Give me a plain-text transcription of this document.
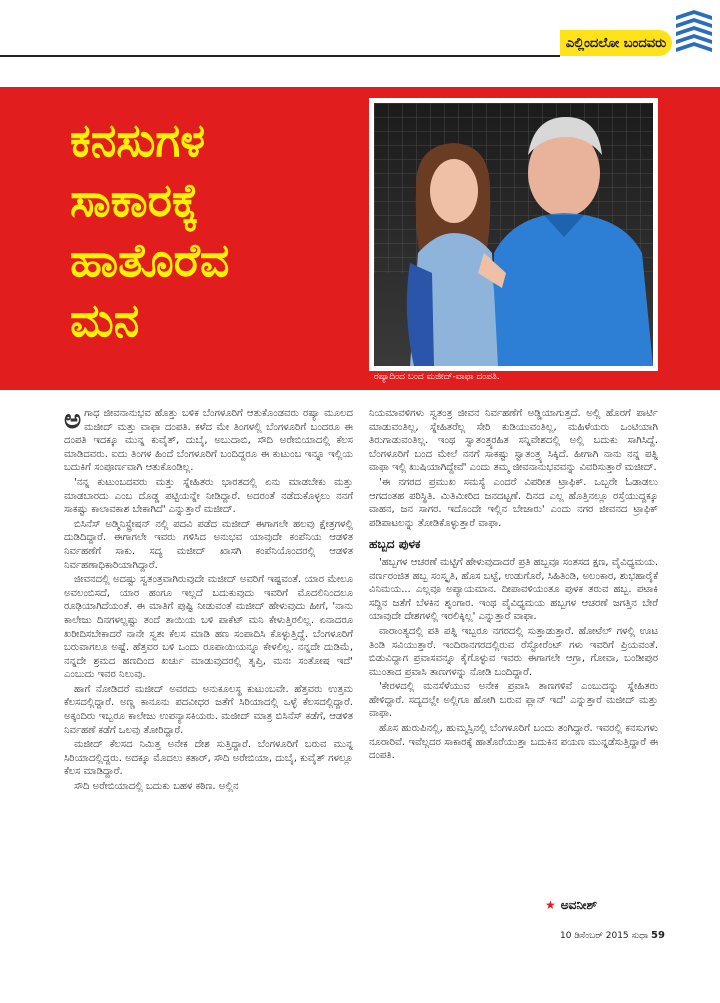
ಎಲ್ಲಿಂದಲೋ ಬಂದವರು
ಕನಸುಗಳ
ಸಾಕಾರಕ್ಕೆ
ಹಾತೊರೆವ
ಮನ
ರಷ್ಯಾದಿಂದ ಬಂದ ಮಜೀದ್-ವಾಫಾ ದಂಪತಿ.

ಅಗಾಧ ಜೀವನಾನುಭವ ಹೊತ್ತು ಬಳಿಕ ಬೆಂಗಳೂರಿಗೆ ಆತುಕೊಂಡವರು ರಷ್ಯಾ ಮೂಲದ ಮಜೀದ್ ಮತ್ತು ವಾಫಾ ದಂಪತಿ. ಕಳೆದ ಮೇ ತಿಂಗಳಲ್ಲಿ ಬೆಂಗಳೂರಿಗೆ ಬಂದರೂ ಈ ದಂಪತಿ ಇದಕ್ಕೂ ಮುನ್ನ ಕುವೈತ್, ದುಬೈ, ಅಬುದಾಬಿ, ಸೌದಿ ಅರೇಬಿಯಾದಲ್ಲಿ ಕೆಲಸ ಮಾಡಿದವರು. ಐದು ತಿಂಗಳ ಹಿಂದೆ ಬೆಂಗಳೂರಿಗೆ ಬಂದಿದ್ದರೂ ಈ ಕುಟುಂಬ ಇನ್ನೂ ಇಲ್ಲಿಯ ಬದುಕಿಗೆ ಸಂಪೂರ್ಣವಾಗಿ ಆತುಕೊಂಡಿಲ್ಲ.

'ನನ್ನ ಕುಟುಂಬದವರು ಮತ್ತು ಸ್ನೇಹಿತರು ಭಾರತದಲ್ಲಿ ಏನು ಮಾಡಬೇಕು ಮತ್ತು ಮಾಡಬಾರದು ಎಂಬ ದೊಡ್ಡ ಪಟ್ಟಿಯನ್ನೇ ನೀಡಿದ್ದಾರೆ. ಅದರಂತೆ ನಡೆದುಕೊಳ್ಳಲು ನನಗೆ ಸಾಕಷ್ಟು ಕಾಲಾವಕಾಶ ಬೇಕಾಗಿದೆ' ಎನ್ನುತ್ತಾರೆ ಮಜೀದ್.

ಬಿಸಿನೆಸ್ ಅಡ್ಮಿನಿಸ್ಟ್ರೇಷನ್ ನಲ್ಲಿ ಪದವಿ ಪಡೆದ ಮಜೀದ್ ಈಗಾಗಲೇ ಹಲವು ಕ್ಷೇತ್ರಗಳಲ್ಲಿ ದುಡಿದಿದ್ದಾರೆ. ಈಗಾಗಲೇ ಇವರು ಗಳಿಸಿದ ಅನುಭವ ಯಾವುದೇ ಕಂಪೆನಿಯ ಆಡಳಿತ ನಿರ್ವಹಣೆಗೆ ಸಾಕು. ಸದ್ಯ ಮಜೀದ್ ಖಾಸಗಿ ಕಂಪೆನಿಯೊಂದರಲ್ಲಿ ಆಡಳಿತ ನಿರ್ವಹಣಾಧಿಕಾರಿಯಾಗಿದ್ದಾರೆ.

ಜೀವನದಲ್ಲಿ ಅದಷ್ಟು ಸ್ವತಂತ್ರವಾಗಿರುವುದೇ ಮಜೀದ್ ಅವರಿಗೆ ಇಷ್ಟವಂತೆ. ಯಾರ ಮೇಲೂ ಅವಲಂಬಿಸದೆ, ಯಾರ ಹಂಗೂ ಇಲ್ಲದೆ ಬದುಕುವುದು ಇವರಿಗೆ ಮೊದಲಿನಿಂದಲೂ ರೂಢಿಯಾಗಿದೆಯಂತೆ. ಈ ಮಾತಿಗೆ ಪುಷ್ಟಿ ನೀಡುವಂತೆ ಮಜೀದ್ ಹೇಳುವುದು ಹೀಗೆ, 'ನಾನು ಕಾಲೇಜು ದಿನಗಳಲ್ಲಷ್ಟು ತಂದೆ ತಾಯಿಯ ಬಳಿ ಪಾಕೆಟ್ ಮನಿ ಕೇಳುತ್ತಿರಲಿಲ್ಲ. ಏನಾದರೂ ಖರೀದಿಸಬೇಕಾದರೆ ನಾನೇ ಸ್ವತಃ ಕೆಲಸ ಮಾಡಿ ಹಣ ಸಂಪಾದಿಸಿ ಕೊಳ್ಳುತ್ತಿದ್ದೆ. ಬೆಂಗಳೂರಿಗೆ ಬರುವಾಗಲೂ ಅಷ್ಟೆ. ಹೆತ್ತವರ ಬಳಿ ಒಂದು ರೂಪಾಯಿಯನ್ನೂ ಕೇಳಲಿಲ್ಲ. ನನ್ನದೇ ದುಡಿಮೆ, ನನ್ನದೇ ಶ್ರಮದ ಹಣದಿಂದ ಖರ್ಚು ಮಾಡುವುದರಲ್ಲಿ ತೃಪ್ತಿ, ಮನಃ ಸಂತೋಷ ಇದೆ' ಎಂಬುದು ಇವರ ನಿಲುವು.

ಹಾಗೆ ನೋಡಿದರೆ ಮಜೀದ್ ಅವರದು ಅನುಕೂಲಸ್ಥ ಕುಟುಂಬವೇ. ಹೆತ್ತವರು ಉತ್ತಮ ಕೆಲಸದಲ್ಲಿದ್ದಾರೆ. ಅಣ್ಣ ಕಾನೂನು ಪದವೀಧರ ಜತೆಗೆ ಸಿರಿಯಾದಲ್ಲಿ ಒಳ್ಳೆ ಕೆಲಸದಲ್ಲಿದ್ದಾರೆ. ಅಕ್ಕಂದಿರು ಇಬ್ಬರೂ ಕಾಲೇಜು ಉಪನ್ಯಾಸಕಿಯರು. ಮಜೀದ್ ಮಾತ್ರ ಬಿಸಿನೆಸ್ ಕಡೆಗೆ, ಆಡಳಿತ ನಿರ್ವಹಣೆ ಕಡೆಗೆ ಒಲವು ತೋರಿದ್ದಾರೆ.

ಮಜೀದ್ ಕೆಲಸದ ನಿಮಿತ್ತ ಅನೇಕ ದೇಶ ಸುತ್ತಿದ್ದಾರೆ. ಬೆಂಗಳೂರಿಗೆ ಬರುವ ಮುನ್ನ ಸಿರಿಯಾದಲ್ಲಿದ್ದರು. ಅದಕ್ಕೂ ಮೊದಲು ಕತಾರ್, ಸೌದಿ ಅರೇಬಿಯಾ, ದುಬೈ, ಕುವೈತ್ ಗಳಲ್ಲೂ ಕೆಲಸ ಮಾಡಿದ್ದಾರೆ.

ಸೌದಿ ಅರೇಬಿಯಾದಲ್ಲಿ ಬದುಕು ಬಹಳ ಕಠಿಣ. ಅಲ್ಲಿನ

ನಿಯಮಾವಳಿಗಳು ಸ್ವತಂತ್ರ ಜೀವನ ನಿರ್ವಹಣೆಗೆ ಅಡ್ಡಿಯಾಗುತ್ತದೆ. ಅಲ್ಲಿ ಹೊರಗೆ ಪಾರ್ಟಿ ಮಾಡುವಂತಿಲ್ಲ, ಸ್ನೇಹಿತರೆಲ್ಲ ಸೇರಿ ಕುಡಿಯುವಂತಿಲ್ಲ, ಮಹಿಳೆಯರು ಒಂಟಿಯಾಗಿ ತಿರುಗಾಡುವಂತಿಲ್ಲ. ಇಂಥ ಸ್ವಾತಂತ್ರ್ಯರಹಿತ ಸನ್ನಿವೇಶದಲ್ಲಿ ಅಲ್ಲಿ ಬದುಕು ಸಾಗಿಸಿದ್ದೆ. ಬೆಂಗಳೂರಿಗೆ ಬಂದ ಮೇಲೆ ನನಗೆ ಸಾಕಷ್ಟು ಸ್ವಾತಂತ್ರ್ಯ ಸಿಕ್ಕಿದೆ. ಹೀಗಾಗಿ ನಾನು ನನ್ನ ಪತ್ನಿ ವಾಫಾ ಇಲ್ಲಿ ಖುಷಿಯಾಗಿದ್ದೇವೆ' ಎಂದು ತಮ್ಮ ಜೀವನಾನುಭವವನ್ನು ವಿವರಿಸುತ್ತಾರೆ ಮಜೀದ್.

'ಈ ನಗರದ ಪ್ರಮುಖ ಸಮಸ್ಯೆ ಎಂದರೆ ವಿಪರೀತ ಟ್ರಾಫಿಕ್. ಒಬ್ಬರೇ ಓಡಾಡಲು ಆಗದಂತಹ ಪರಿಸ್ಥಿತಿ. ಮಿತಿಮೀರಿದ ಜನದಟ್ಟಣೆ. ದಿನದ ಎಲ್ಲ ಹೊತ್ತಿನಲ್ಲೂ ರಸ್ತೆಯುದ್ದಕ್ಕೂ ವಾಹನ, ಜನ ಸಾಗರ. ಇದೊಂದೇ ಇಲ್ಲಿನ ಬೇಜಾರು' ಎಂದು ನಗರ ಜೀವನದ ಟ್ರಾಫಿಕ್ ಪಡಿಪಾಟಲನ್ನು ತೋಡಿಕೊಳ್ಳುತ್ತಾರೆ ವಾಫಾ.

ಹಬ್ಬದ ಪುಳಕ

'ಹಬ್ಬಗಳ ಆಚರಣೆ ಮಟ್ಟಿಗೆ ಹೇಳುವುದಾದರೆ ಪ್ರತಿ ಹಬ್ಬವೂ ಸಂತಸದ ಕ್ಷಣ, ವೈವಿಧ್ಯಮಯ. ವರ್ಣರಂಜಿತ ಹಬ್ಬ ಸಂಸ್ಕೃತಿ, ಹೊಸ ಬಟ್ಟೆ, ಉಡುಗೊರೆ, ಸಿಹಿತಿಂಡಿ, ಅಲಂಕಾರ, ಶುಭಹಾರೈಕೆ ವಿನಿಮಯ... ಎಲ್ಲವೂ ಅಪ್ಯಾಯಮಾನ. ದೀಪಾವಳಿಯಂತೂ ಪುಳಕ ತರುವ ಹಬ್ಬ. ಪಟಾಕಿ ಸದ್ದಿನ ಜತೆಗೆ ಬೆಳಕಿನ ಶೃಂಗಾರ. ಇಂಥ ವೈವಿಧ್ಯಮಯ ಹಬ್ಬಗಳ ಆಚರಣೆ ಜಗತ್ತಿನ ಬೇರೆ ಯಾವುದೇ ದೇಶಗಳಲ್ಲಿ ಇರಲಿಕ್ಕಿಲ್ಲ' ಎನ್ನುತ್ತಾರೆ ವಾಫಾ.

ವಾರಾಂತ್ಯದಲ್ಲಿ ಪತಿ ಪತ್ನಿ ಇಬ್ಬರೂ ನಗರದಲ್ಲಿ ಸುತ್ತಾಡುತ್ತಾರೆ. ಹೋಟೆಲ್ ಗಳಲ್ಲಿ ಊಟ ತಿಂಡಿ ಸವಿಯುತ್ತಾರೆ. ಇಂದಿರಾನಗರದಲ್ಲಿರುವ ರೆಸ್ಟೋರೆಂಟ್ ಗಳು ಇವರಿಗೆ ಪ್ರಿಯವಂತೆ. ಬಿಡುವಿದ್ದಾಗ ಪ್ರವಾಸವನ್ನೂ ಕೈಗೊಳ್ಳುವ ಇವರು ಈಗಾಗಲೇ ಆಗ್ರಾ, ಗೋವಾ, ಬಂಡೀಪುರ ಮುಂತಾದ ಪ್ರವಾಸಿ ತಾಣಗಳನ್ನು ನೋಡಿ ಬಂದಿದ್ದಾರೆ.

'ಕೇರಳದಲ್ಲಿ ಮನಸೆಳೆಯುವ ಅನೇಕ ಪ್ರವಾಸಿ ತಾಣಗಳಿವೆ ಎಂಬುದನ್ನು ಸ್ನೇಹಿತರು ಹೇಳಿದ್ದಾರೆ. ಸದ್ಯದಲ್ಲೇ ಅಲ್ಲಿಗೂ ಹೋಗಿ ಬರುವ ಪ್ಲಾನ್ ಇದೆ' ಎನ್ನುತ್ತಾರೆ ಮಜೀದ್ ಮತ್ತು ವಾಫಾ.

ಹೊಸ ಹುರುಪಿನಲ್ಲಿ, ಹುಮ್ಮಸ್ಸಿನಲ್ಲಿ ಬೆಂಗಳೂರಿಗೆ ಬಂದು ತಂಗಿದ್ದಾರೆ. ಇವರಲ್ಲಿ ಕನಸುಗಳು ನೂರಾರಿವೆ. ಇವೆಲ್ಲದರ ಸಾಕಾರಕ್ಕೆ ಹಾತೊರೆಯುತ್ತಾ ಬದುಕಿನ ಪಯಣ ಮುನ್ನಡೆಸುತ್ತಿದ್ದಾರೆ ಈ ದಂಪತಿ.

★ ಅವನೀಶ್
10 ಡಿಸೆಂಬರ್ 2015 ಸುಧಾ 59
